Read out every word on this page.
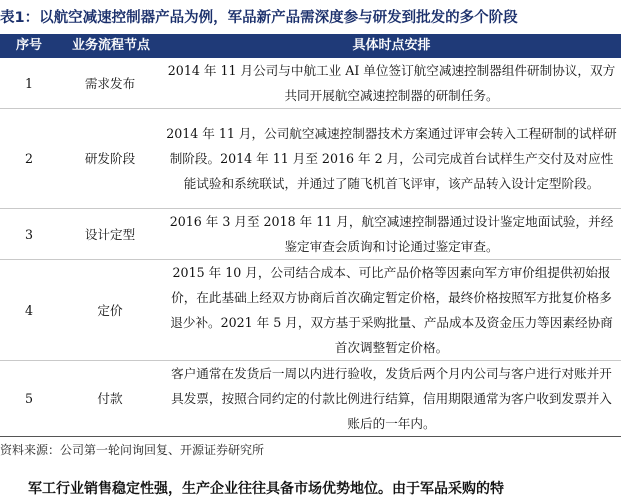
表1：以航空减速控制器产品为例，军品新产品需深度参与研发到批发的多个阶段
序号	业务流程节点	具体时点安排
1	需求发布	2014 年 11 月公司与中航工业 AI 单位签订航空减速控制器组件研制协议，双方共同开展航空减速控制器的研制任务。
2	研发阶段	2014 年 11 月，公司航空减速控制器技术方案通过评审会转入工程研制的试样研制阶段。2014 年 11 月至 2016 年 2 月，公司完成首台试样生产交付及对应性能试验和系统联试，并通过了随飞机首飞评审，该产品转入设计定型阶段。
3	设计定型	2016 年 3 月至 2018 年 11 月，航空减速控制器通过设计鉴定地面试验，并经鉴定审查会质询和讨论通过鉴定审查。
4	定价	2015 年 10 月，公司结合成本、可比产品价格等因素向军方审价组提供初始报价，在此基础上经双方协商后首次确定暂定价格，最终价格按照军方批复价格多退少补。2021 年 5 月，双方基于采购批量、产品成本及资金压力等因素经协商首次调整暂定价格。
5	付款	客户通常在发货后一周以内进行验收，发货后两个月内公司与客户进行对账并开具发票，按照合同约定的付款比例进行结算，信用期限通常为客户收到发票并入账后的一年内。
资料来源：公司第一轮问询回复、开源证券研究所
军工行业销售稳定性强，生产企业往往具备市场优势地位。由于军品采购的特
